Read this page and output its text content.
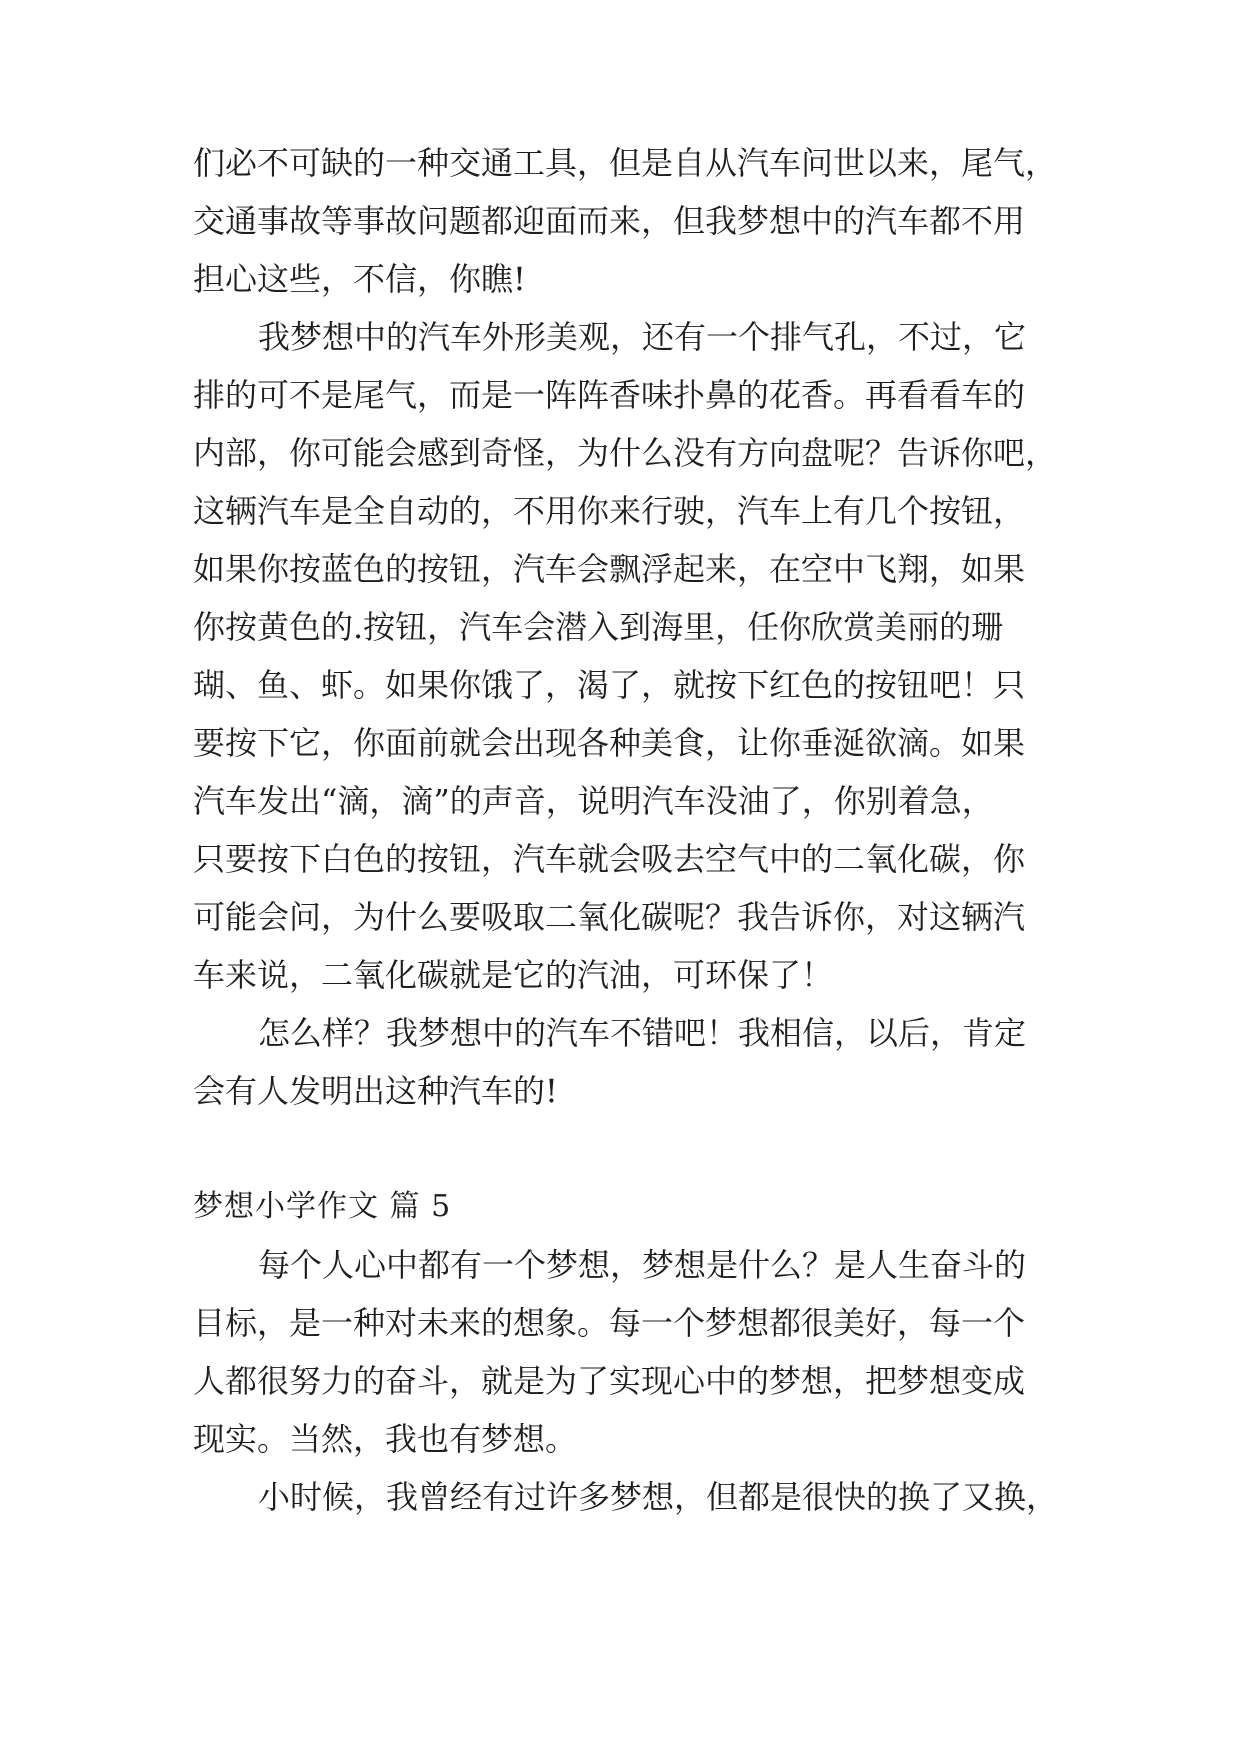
们必不可缺的一种交通工具，但是自从汽车问世以来，尾气，
交通事故等事故问题都迎面而来，但我梦想中的汽车都不用
担心这些，不信，你瞧!
我梦想中的汽车外形美观，还有一个排气孔，不过，它
排的可不是尾气，而是一阵阵香味扑鼻的花香。再看看车的
内部，你可能会感到奇怪，为什么没有方向盘呢？告诉你吧，
这辆汽车是全自动的，不用你来行驶，汽车上有几个按钮，
如果你按蓝色的按钮，汽车会飘浮起来，在空中飞翔，如果
你按黄色的.按钮，汽车会潜入到海里，任你欣赏美丽的珊
瑚、鱼、虾。如果你饿了，渴了，就按下红色的按钮吧！只
要按下它，你面前就会出现各种美食，让你垂涎欲滴。如果
汽车发出“滴，滴”的声音，说明汽车没油了，你别着急，
只要按下白色的按钮，汽车就会吸去空气中的二氧化碳，你
可能会问，为什么要吸取二氧化碳呢？我告诉你，对这辆汽
车来说，二氧化碳就是它的汽油，可环保了！
怎么样？我梦想中的汽车不错吧！我相信，以后，肯定
会有人发明出这种汽车的!
梦想小学作文 篇 5
每个人心中都有一个梦想，梦想是什么？是人生奋斗的
目标，是一种对未来的想象。每一个梦想都很美好，每一个
人都很努力的奋斗，就是为了实现心中的梦想，把梦想变成
现实。当然，我也有梦想。
小时候，我曾经有过许多梦想，但都是很快的换了又换，
